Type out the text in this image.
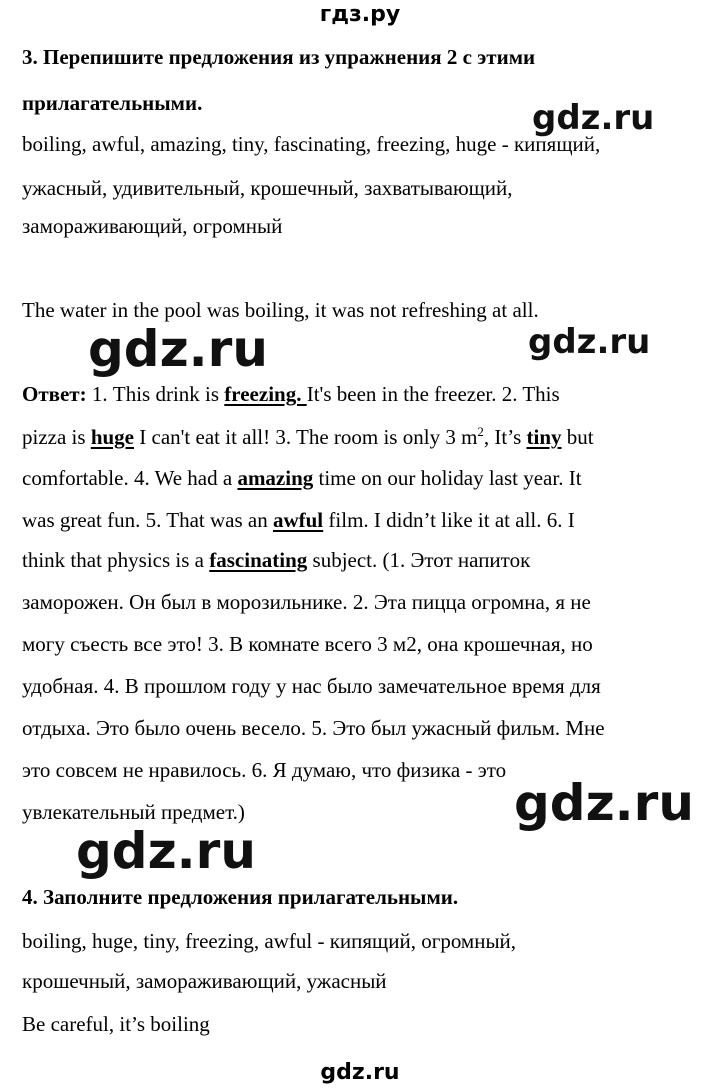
гдз.ру
3. Перепишите предложения из упражнения 2 с этими
прилагательными.	gdz.ru
boiling, awful, amazing, tiny, fascinating, freezing, huge - кипящий,
ужасный, удивительный, крошечный, захватывающий,
замораживающий, огромный
The water in the pool was boiling, it was not refreshing at all.
gdz.ru	gdz.ru
Ответ: 1. This drink is freezing. It's been in the freezer. 2. This
pizza is huge I can't eat it all! 3. The room is only 3 $m^2$, It’s tiny but
comfortable. 4. We had a amazing time on our holiday last year. It
was great fun. 5. That was an awful film. I didn’t like it at all. 6. I
think that physics is a fascinating subject. (1. Этот напиток
заморожен. Он был в морозильнике. 2. Эта пицца огромна, я не
могу съесть все это! 3. В комнате всего 3 м2, она крошечная, но
удобная. 4. В прошлом году у нас было замечательное время для
отдыха. Это было очень весело. 5. Это был ужасный фильм. Мне
это совсем не нравилось. 6. Я думаю, что физика - это
увлекательный предмет.)	gdz.ru
gdz.ru
4. Заполните предложения прилагательными.
boiling, huge, tiny, freezing, awful - кипящий, огромный,
крошечный, замораживающий, ужасный
Be careful, it’s boiling
gdz.ru
